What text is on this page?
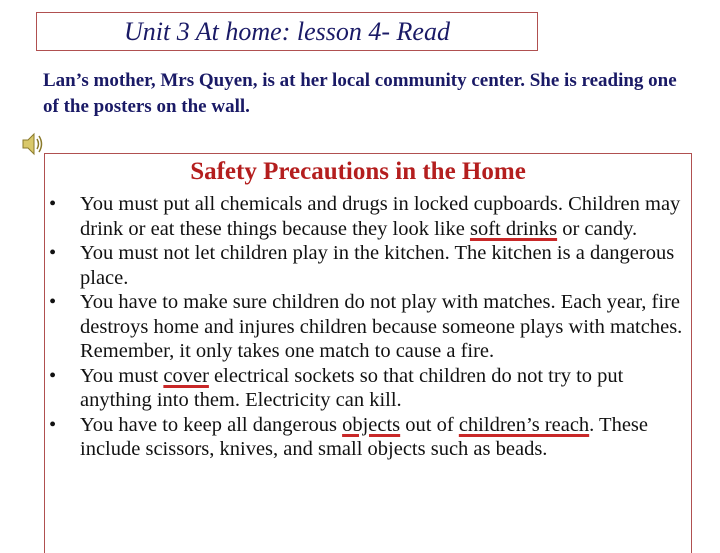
Unit 3 At home: lesson 4- Read
Lan’s mother, Mrs Quyen, is at her local community center. She is reading one of the posters on the wall.
Safety Precautions in the Home
•	You must put all chemicals and drugs in locked cupboards. Children may drink or eat these things because they look like soft drinks or candy.
•	You must not let children play in the kitchen. The kitchen is a dangerous place.
•	You have to make sure children do not play with matches. Each year, fire destroys home and injures children because someone plays with matches. Remember, it only takes one match to cause a fire.
•	You must cover electrical sockets so that children do not try to put anything into them. Electricity can kill.
•	You have to keep all dangerous objects out of children’s reach. These include scissors, knives, and small objects such as beads.
